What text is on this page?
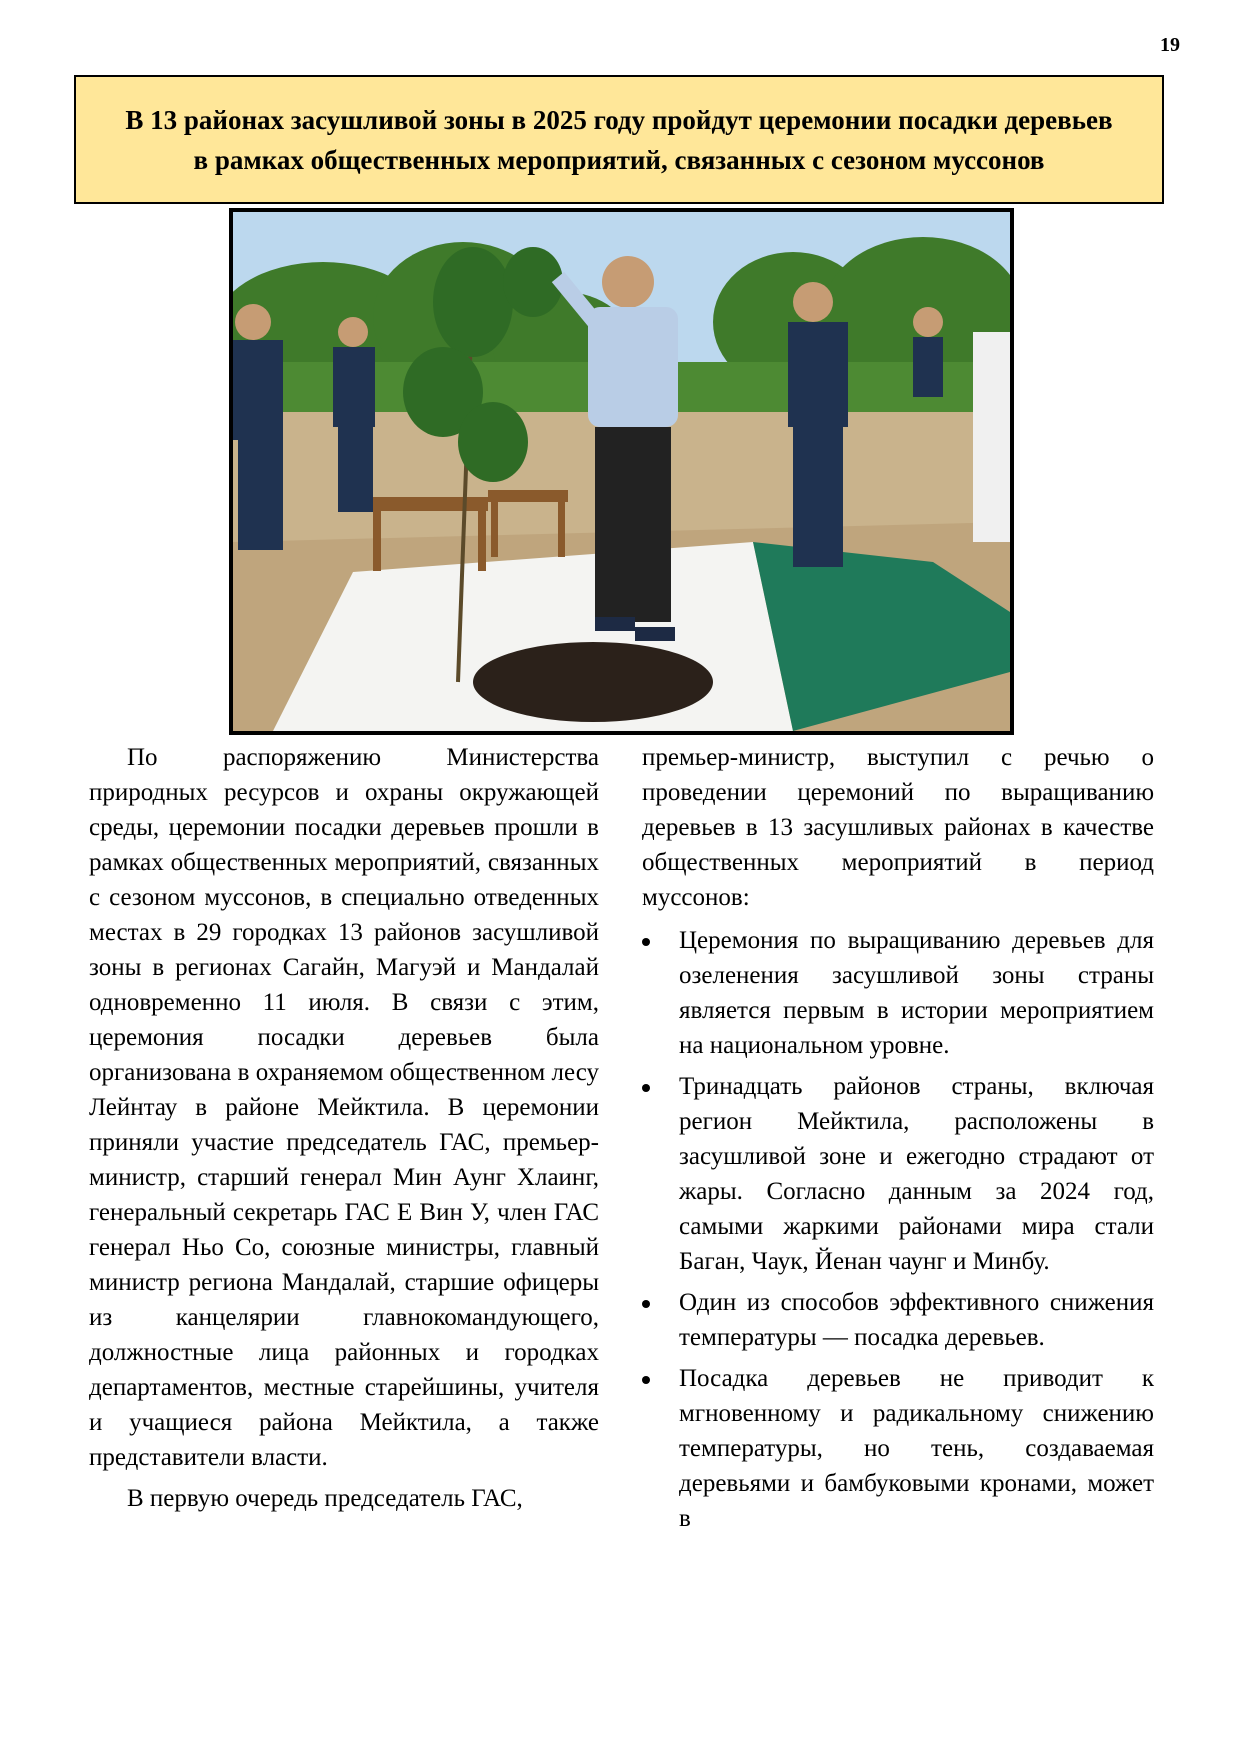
19
В 13 районах засушливой зоны в 2025 году пройдут церемонии посадки деревьев в рамках общественных мероприятий, связанных с сезоном муссонов

По распоряжению Министерства природных ресурсов и охраны окружающей среды, церемонии посадки деревьев прошли в рамках общественных мероприятий, связанных с сезоном муссонов, в специально отведенных местах в 29 городках 13 районов засушливой зоны в регионах Сагайн, Магуэй и Мандалай одновременно 11 июля. В связи с этим, церемония посадки деревьев была организована в охраняемом общественном лесу Лейнтау в районе Мейктила. В церемонии приняли участие председатель ГАС, премьер-министр, старший генерал Мин Аунг Хлаинг, генеральный секретарь ГАС Е Вин У, член ГАС генерал Ньо Со, союзные министры, главный министр региона Мандалай, старшие офицеры из канцелярии главнокомандующего, должностные лица районных и городках департаментов, местные старейшины, учителя и учащиеся района Мейктила, а также представители власти.

В первую очередь председатель ГАС,

премьер-министр, выступил с речью о проведении церемоний по выращиванию деревьев в 13 засушливых районах в качестве общественных мероприятий в период муссонов:

Церемония по выращиванию деревьев для озеленения засушливой зоны страны является первым в истории мероприятием на национальном уровне.
Тринадцать районов страны, включая регион Мейктила, расположены в засушливой зоне и ежегодно страдают от жары. Согласно данным за 2024 год, самыми жаркими районами мира стали Баган, Чаук, Йенан чаунг и Минбу.
Один из способов эффективного снижения температуры — посадка деревьев.
Посадка деревьев не приводит к мгновенному и радикальному снижению температуры, но тень, создаваемая деревьями и бамбуковыми кронами, может в
